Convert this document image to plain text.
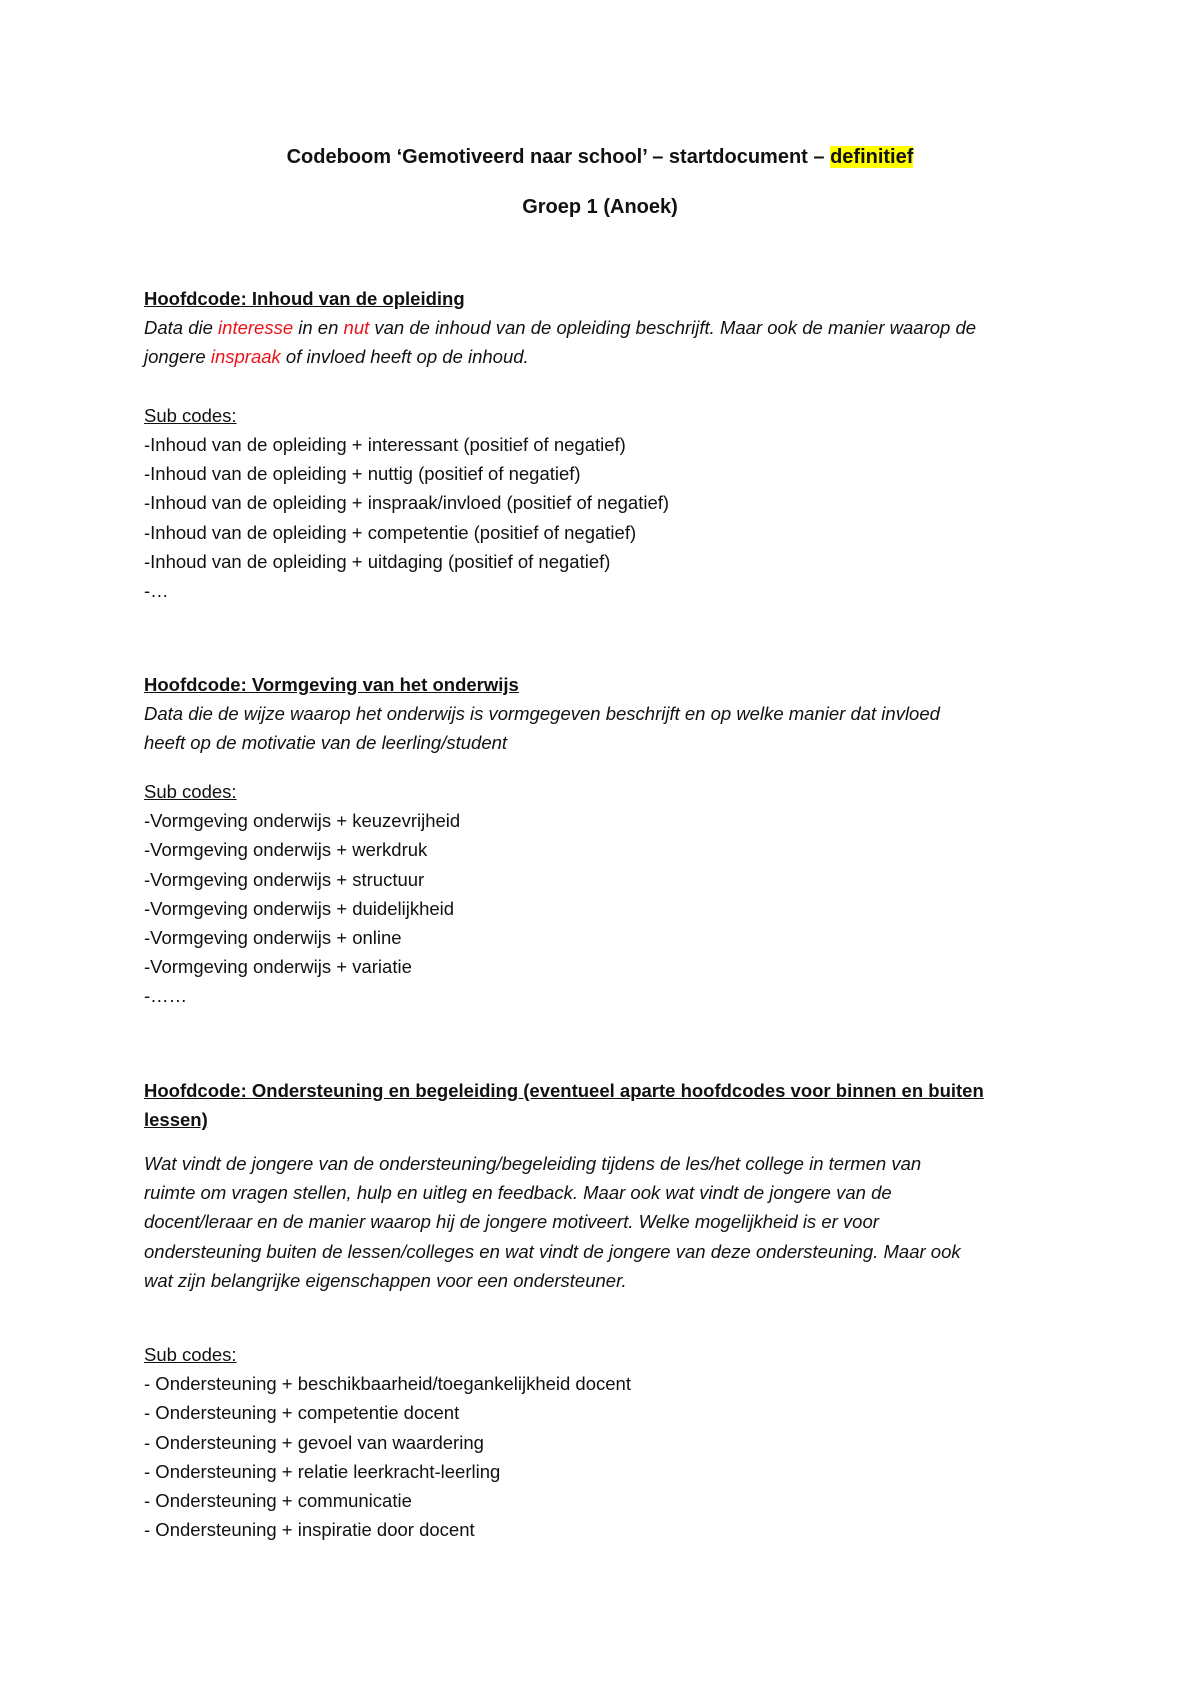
Codeboom ‘Gemotiveerd naar school’ – startdocument – definitief
Groep 1 (Anoek)
Hoofdcode: Inhoud van de opleiding
Data die interesse in en nut van de inhoud van de opleiding beschrijft. Maar ook de manier waarop de
jongere inspraak of invloed heeft op de inhoud.
Sub codes:
-Inhoud van de opleiding + interessant (positief of negatief)
-Inhoud van de opleiding + nuttig (positief of negatief)
-Inhoud van de opleiding + inspraak/invloed (positief of negatief)
-Inhoud van de opleiding + competentie (positief of negatief)
-Inhoud van de opleiding + uitdaging (positief of negatief)
-…
Hoofdcode: Vormgeving van het onderwijs
Data die de wijze waarop het onderwijs is vormgegeven beschrijft en op welke manier dat invloed
heeft op de motivatie van de leerling/student
Sub codes:
-Vormgeving onderwijs + keuzevrijheid
-Vormgeving onderwijs + werkdruk
-Vormgeving onderwijs + structuur
-Vormgeving onderwijs + duidelijkheid
-Vormgeving onderwijs + online
-Vormgeving onderwijs + variatie
-……
Hoofdcode: Ondersteuning en begeleiding (eventueel aparte hoofdcodes voor binnen en buiten
lessen)
Wat vindt de jongere van de ondersteuning/begeleiding tijdens de les/het college in termen van
ruimte om vragen stellen, hulp en uitleg en feedback. Maar ook wat vindt de jongere van de
docent/leraar en de manier waarop hij de jongere motiveert. Welke mogelijkheid is er voor
ondersteuning buiten de lessen/colleges en wat vindt de jongere van deze ondersteuning. Maar ook
wat zijn belangrijke eigenschappen voor een ondersteuner.
Sub codes:
- Ondersteuning + beschikbaarheid/toegankelijkheid docent
- Ondersteuning + competentie docent
- Ondersteuning + gevoel van waardering
- Ondersteuning + relatie leerkracht-leerling
- Ondersteuning + communicatie
- Ondersteuning + inspiratie door docent
